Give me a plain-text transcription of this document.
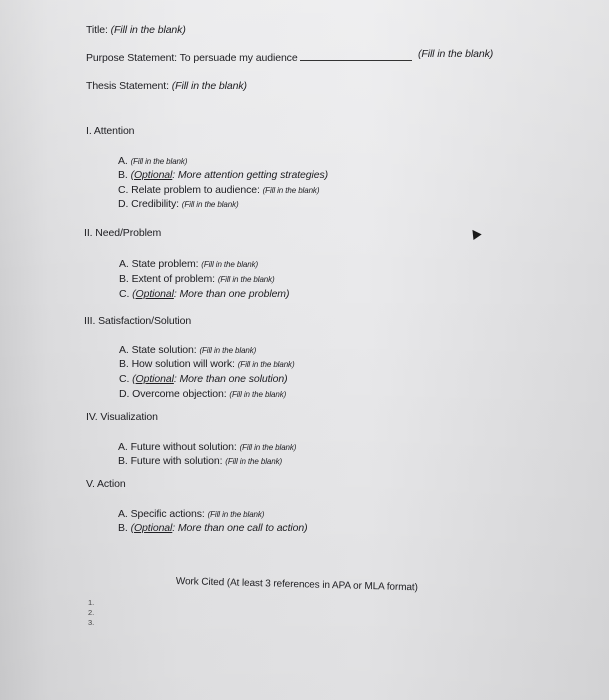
Title: (Fill in the blank)
Purpose Statement: To persuade my audience	(Fill in the blank)
Thesis Statement: (Fill in the blank)
I. Attention
A. (Fill in the blank)
B. (Optional: More attention getting strategies)
C. Relate problem to audience: (Fill in the blank)
D. Credibility: (Fill in the blank)
II. Need/Problem
A. State problem: (Fill in the blank)
B. Extent of problem: (Fill in the blank)
C. (Optional: More than one problem)
III. Satisfaction/Solution
A. State solution: (Fill in the blank)
B. How solution will work: (Fill in the blank)
C. (Optional: More than one solution)
D. Overcome objection: (Fill in the blank)
IV. Visualization
A. Future without solution: (Fill in the blank)
B. Future with solution: (Fill in the blank)
V. Action
A. Specific actions: (Fill in the blank)
B. (Optional: More than one call to action)
Work Cited (At least 3 references in APA or MLA format)
1.
2.
3.
